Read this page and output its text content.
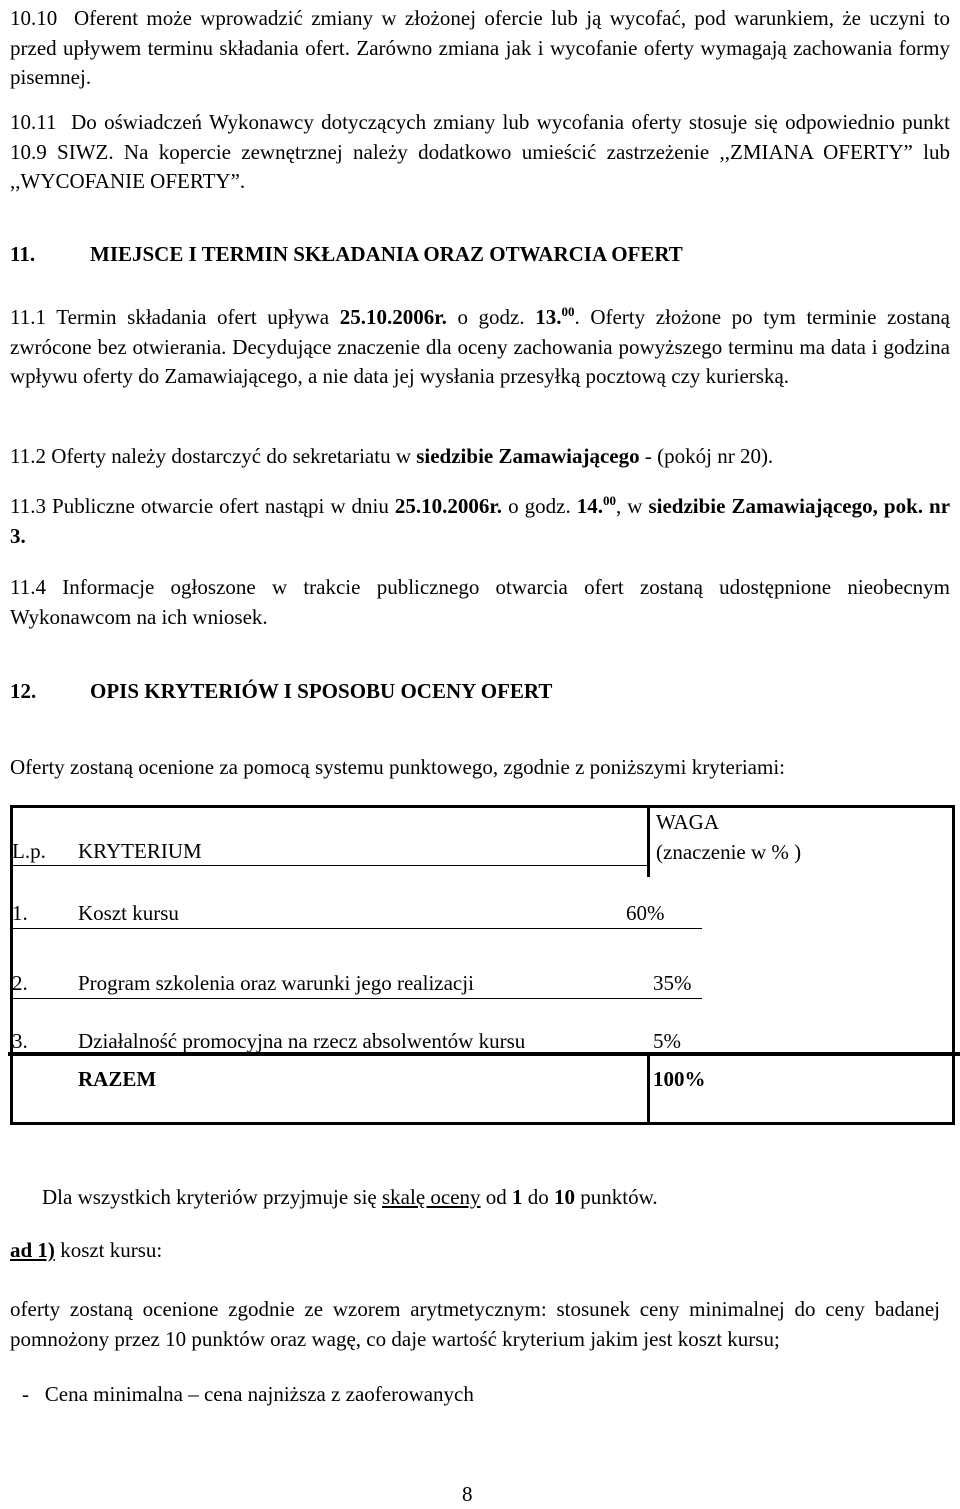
10.10 Oferent może wprowadzić zmiany w złożonej ofercie lub ją wycofać, pod warunkiem, że uczyni to przed upływem terminu składania ofert. Zarówno zmiana jak i wycofanie oferty wymagają zachowania formy pisemnej.

10.11 Do oświadczeń Wykonawcy dotyczących zmiany lub wycofania oferty stosuje się odpowiednio punkt 10.9 SIWZ. Na kopercie zewnętrznej należy dodatkowo umieścić zastrzeżenie ,,ZMIANA OFERTY” lub ,,WYCOFANIE OFERTY”.

11.	MIEJSCE I TERMIN SKŁADANIA ORAZ OTWARCIA OFERT

11.1 Termin składania ofert upływa 25.10.2006r. o godz. 13.00. Oferty złożone po tym terminie zostaną zwrócone bez otwierania. Decydujące znaczenie dla oceny zachowania powyższego terminu ma data i godzina wpływu oferty do Zamawiającego, a nie data jej wysłania przesyłką pocztową czy kurierską.

11.2 Oferty należy dostarczyć do sekretariatu w siedzibie Zamawiającego - (pokój nr 20).

11.3 Publiczne otwarcie ofert nastąpi w dniu 25.10.2006r. o godz. 14.00, w siedzibie Zamawiającego, pok. nr 3.

11.4 Informacje ogłoszone w trakcie publicznego otwarcia ofert zostaną udostępnione nieobecnym Wykonawcom na ich wniosek.

12.	OPIS KRYTERIÓW I SPOSOBU OCENY OFERT

Oferty zostaną ocenione za pomocą systemu punktowego, zgodnie z poniższymi kryteriami:

L.p. KRYTERIUM
WAGA
(znaczenie w % )
1. Koszt kursu	60%
2. Program szkolenia oraz warunki jego realizacji	35%
3. Działalność promocyjna na rzecz absolwentów kursu	5%
RAZEM	100%

Dla wszystkich kryteriów przyjmuje się skalę oceny od 1 do 10 punktów.

ad 1) koszt kursu:

oferty zostaną ocenione zgodnie ze wzorem arytmetycznym: stosunek ceny minimalnej do ceny badanej pomnożony przez 10 punktów oraz wagę, co daje wartość kryterium jakim jest koszt kursu;

- Cena minimalna – cena najniższa z zaoferowanych

8
